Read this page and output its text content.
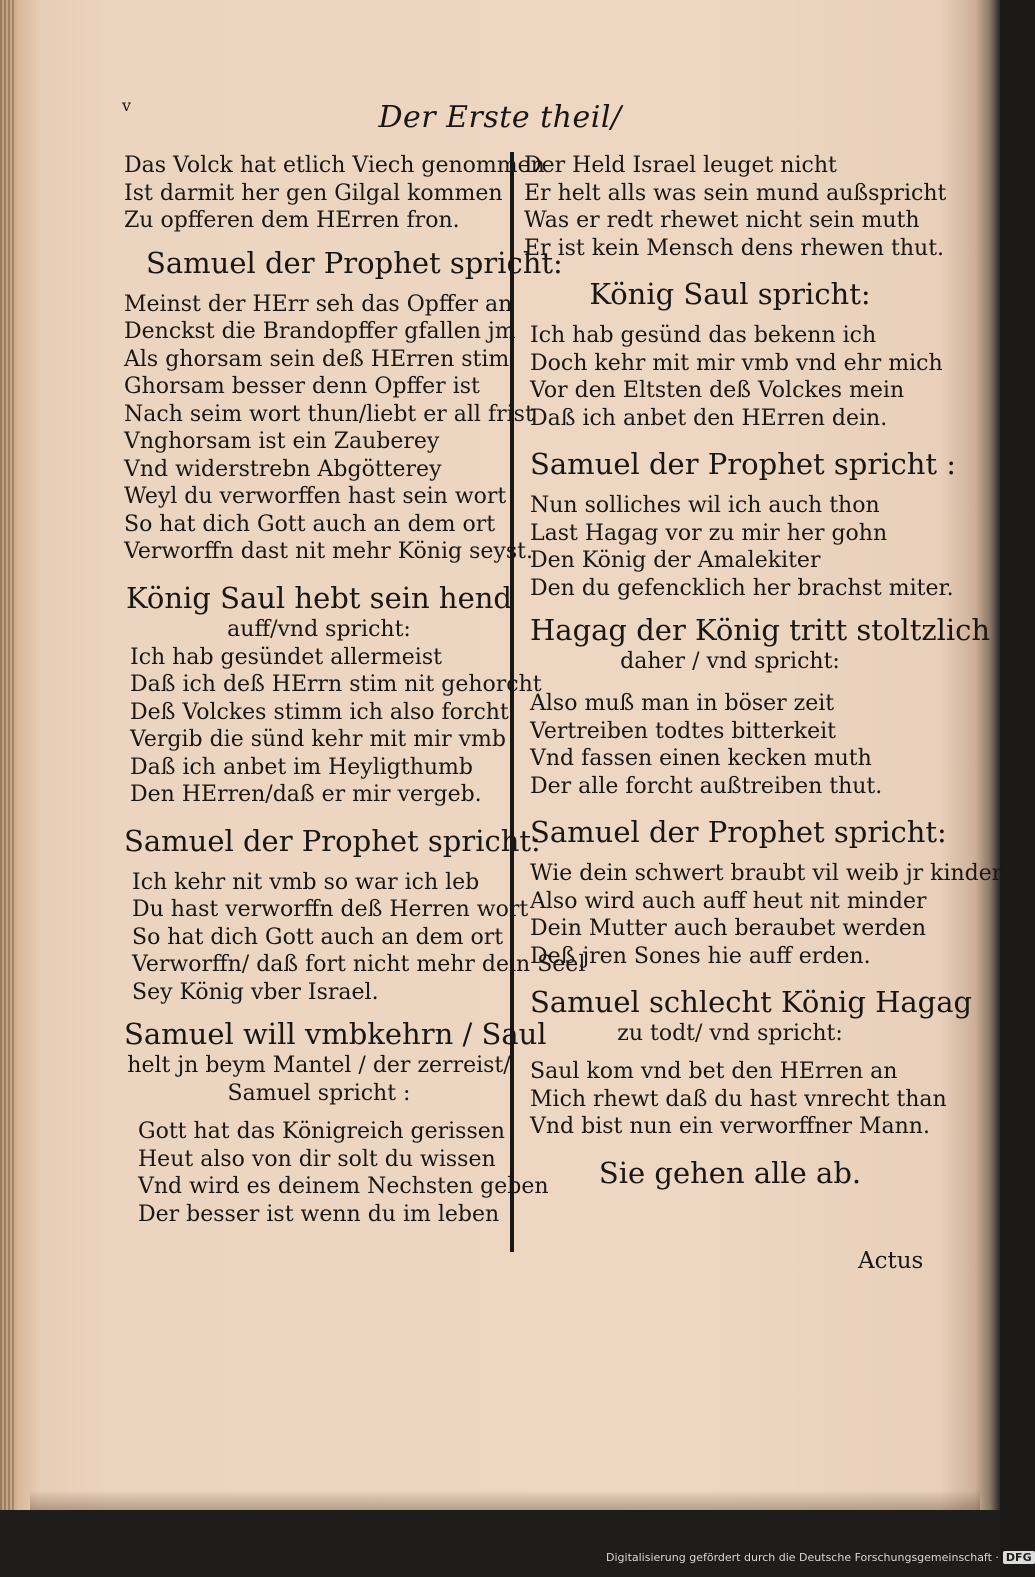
v	Der Erste theil/
Das Volck hat etlich Viech genommen
Ist darmit her gen Gilgal kommen
Zu opfferen dem HErren fron.
Samuel der Prophet spricht:
Meinst der HErr seh das Opffer an
Denckst die Brandopffer gfallen jm
Als ghorsam sein deß HErren stim
Ghorsam besser denn Opffer ist
Nach seim wort thun/liebt er all frist
Vnghorsam ist ein Zauberey
Vnd widerstrebn Abgötterey
Weyl du verworffen hast sein wort
So hat dich Gott auch an dem ort
Verworffn dast nit mehr König seyst.
König Saul hebt sein hend
auff/vnd spricht:
Ich hab gesündet allermeist
Daß ich deß HErrn stim nit gehorcht
Deß Volckes stimm ich also forcht
Vergib die sünd kehr mit mir vmb
Daß ich anbet im Heyligthumb
Den HErren/daß er mir vergeb.
Samuel der Prophet spricht:
Ich kehr nit vmb so war ich leb
Du hast verworffn deß Herren wort
So hat dich Gott auch an dem ort
Verworffn/ daß fort nicht mehr dein Seel
Sey König vber Israel.
Samuel will vmbkehrn / Saul
helt jn beym Mantel / der zerreist/
Samuel spricht :
Gott hat das Königreich gerissen
Heut also von dir solt du wissen
Vnd wird es deinem Nechsten geben
Der besser ist wenn du im leben
Der Held Israel leuget nicht
Er helt alls was sein mund außspricht
Was er redt rhewet nicht sein muth
Er ist kein Mensch dens rhewen thut.
König Saul spricht:
Ich hab gesünd das bekenn ich
Doch kehr mit mir vmb vnd ehr mich
Vor den Eltsten deß Volckes mein
Daß ich anbet den HErren dein.
Samuel der Prophet spricht :
Nun solliches wil ich auch thon
Last Hagag vor zu mir her gohn
Den König der Amalekiter
Den du gefencklich her brachst miter.
Hagag der König tritt stoltzlich
daher / vnd spricht:
Also muß man in böser zeit
Vertreiben todtes bitterkeit
Vnd fassen einen kecken muth
Der alle forcht außtreiben thut.
Samuel der Prophet spricht:
Wie dein schwert braubt vil weib jr kinder
Also wird auch auff heut nit minder
Dein Mutter auch beraubet werden
Deß jren Sones hie auff erden.
Samuel schlecht König Hagag
zu todt/ vnd spricht:
Saul kom vnd bet den HErren an
Mich rhewt daß du hast vnrecht than
Vnd bist nun ein verworffner Mann.
Sie gehen alle ab.
Actus
Digitalisierung gefördert durch die Deutsche Forschungsgemeinschaft · DFG
